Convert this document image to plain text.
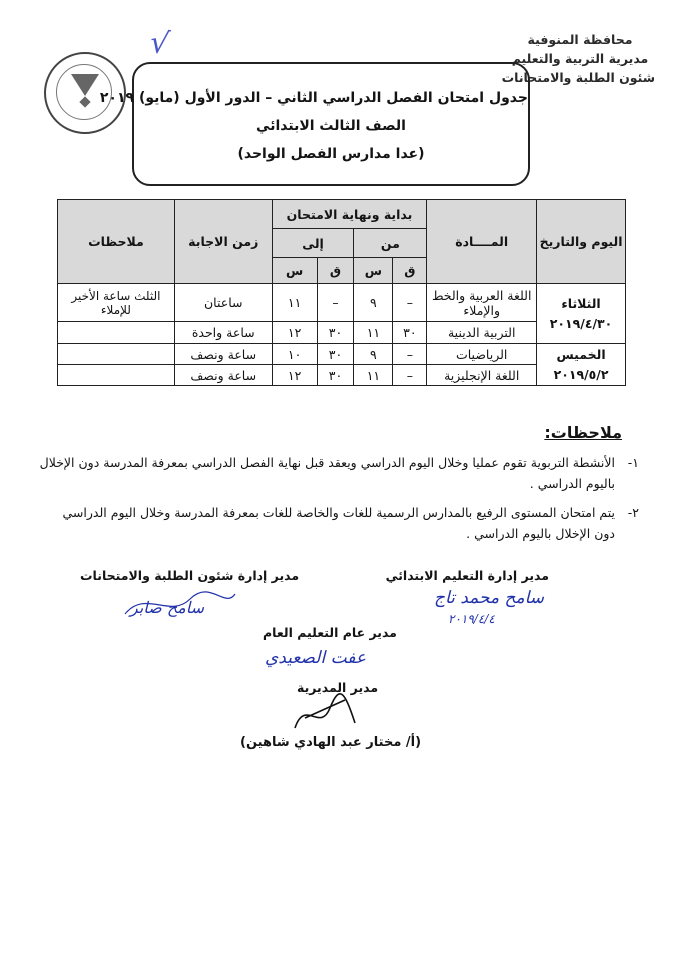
محافظة المنوفية
مديرية التربية والتعليم
شئون الطلبة والامتحانات
√
جدول امتحان الفصل الدراسي الثاني – الدور الأول (مايو) ٢٠١٩
الصف الثالث الابتدائي
(عدا مدارس الفصل الواحد)
اليوم والتاريخ	المــــادة	بداية ونهاية الامتحان				زمن الاجابة	ملاحظات
		من		إلى			
		ق	س	ق	س		

الثلاثاء
٢٠١٩/٤/٣٠	اللغة العربية والخط والإملاء	–	٩	–	١١	ساعتان	الثلث ساعة الأخير للإملاء
	التربية الدينية	٣٠	١١	٣٠	١٢	ساعة واحدة	

الخميس
٢٠١٩/٥/٢	الرياضيات	–	٩	٣٠	١٠	ساعة ونصف	
	اللغة الإنجليزية	–	١١	٣٠	١٢	ساعة ونصف	
ملاحظات:
١-
الأنشطة التربوية تقوم عمليا وخلال اليوم الدراسي ويعقد قبل نهاية الفصل الدراسي بمعرفة المدرسة دون الإخلال باليوم الدراسي .
٢-
يتم امتحان المستوى الرفيع بالمدارس الرسمية للغات والخاصة للغات بمعرفة المدرسة وخلال اليوم الدراسي دون الإخلال باليوم الدراسي .
مدير إدارة التعليم الابتدائي
سامح محمد تاج
٢٠١٩/٤/٤
مدير إدارة شئون الطلبة والامتحانات
سامح صابر
مدير عام التعليم العام
عفت الصعيدي
مدير المديرية
(أ/ مختار عبد الهادي شاهين)
